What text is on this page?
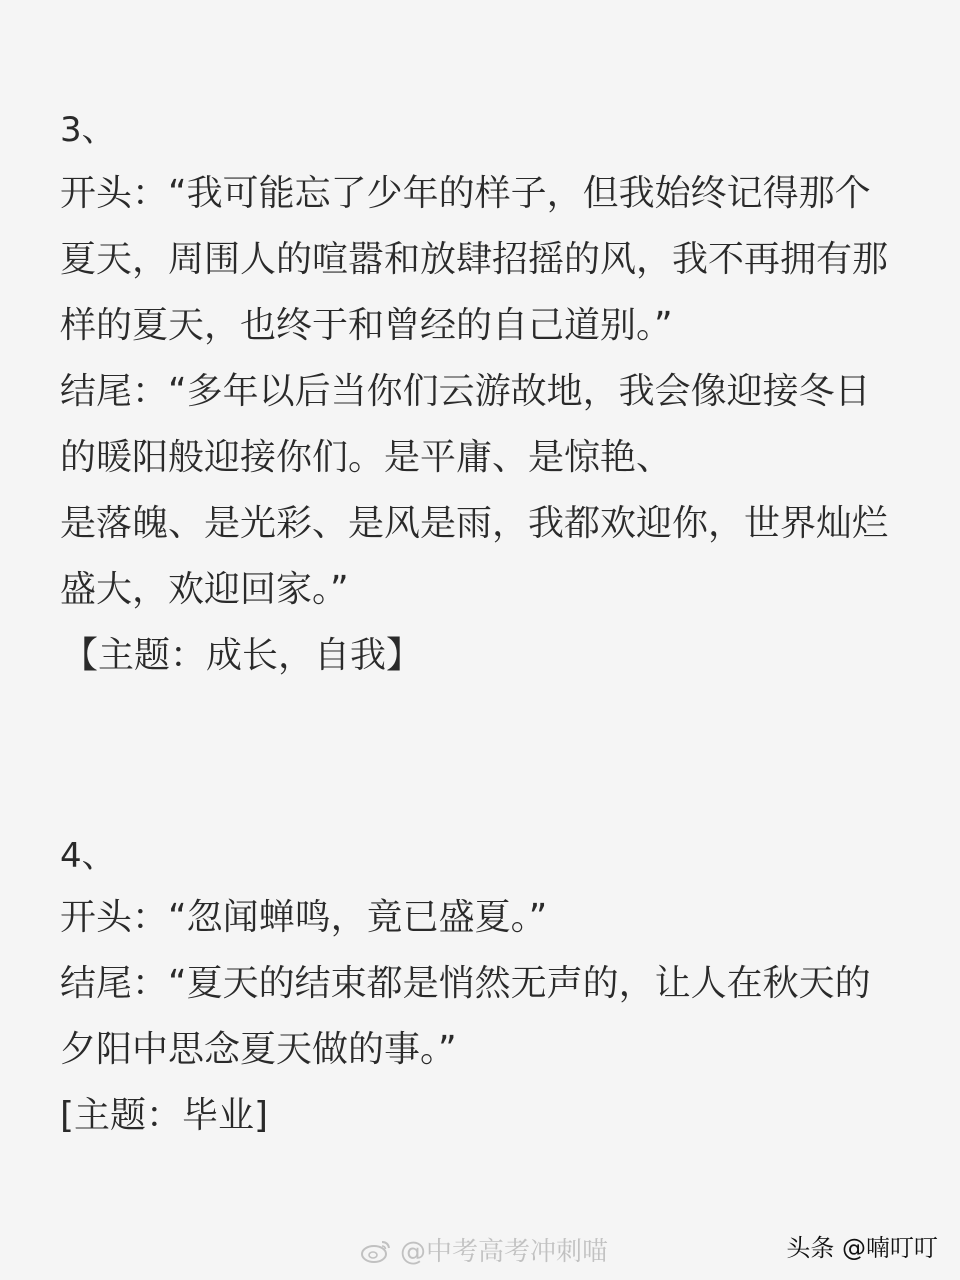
3、
开头：“我可能忘了少年的样子，但我始终记得那个
夏天，周围人的喧嚣和放肆招摇的风，我不再拥有那
样的夏天，也终于和曾经的自己道别。”
结尾：“多年以后当你们云游故地，我会像迎接冬日
的暖阳般迎接你们。是平庸、是惊艳、
是落魄、是光彩、是风是雨，我都欢迎你，世界灿烂
盛大，欢迎回家。”
【主题：成长，自我】
4、
开头：“忽闻蝉鸣，竟已盛夏。”
结尾：“夏天的结束都是悄然无声的，让人在秋天的
夕阳中思念夏天做的事。”
[主题：毕业]
@中考高考冲刺喵	头条 @喃叮叮
